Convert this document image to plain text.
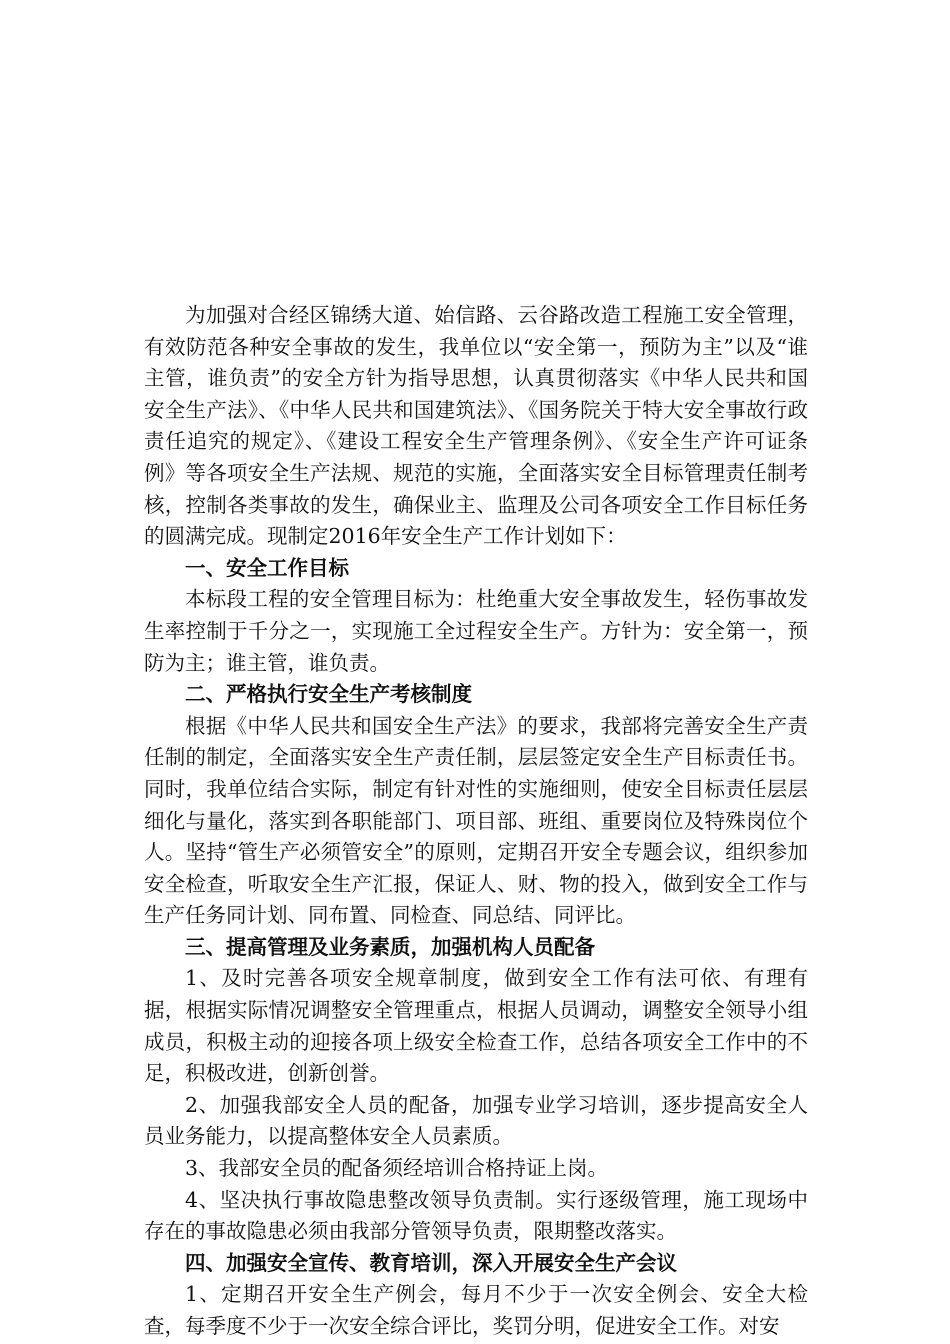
为加强对合经区锦绣大道、始信路、云谷路改造工程施工安全管理，有效防范各种安全事故的发生，我单位以“安全第一，预防为主”以及“谁主管，谁负责”的安全方针为指导思想，认真贯彻落实《中华人民共和国安全生产法》、《中华人民共和国建筑法》、《国务院关于特大安全事故行政责任追究的规定》、《建设工程安全生产管理条例》、《安全生产许可证条例》等各项安全生产法规、规范的实施，全面落实安全目标管理责任制考核，控制各类事故的发生，确保业主、监理及公司各项安全工作目标任务的圆满完成。现制定2016年安全生产工作计划如下：

一、安全工作目标

本标段工程的安全管理目标为：杜绝重大安全事故发生，轻伤事故发生率控制于千分之一，实现施工全过程安全生产。方针为：安全第一，预防为主；谁主管，谁负责。

二、严格执行安全生产考核制度

根据《中华人民共和国安全生产法》的要求，我部将完善安全生产责任制的制定，全面落实安全生产责任制，层层签定安全生产目标责任书。同时，我单位结合实际，制定有针对性的实施细则，使安全目标责任层层细化与量化，落实到各职能部门、项目部、班组、重要岗位及特殊岗位个人。坚持“管生产必须管安全”的原则，定期召开安全专题会议，组织参加安全检查，听取安全生产汇报，保证人、财、物的投入，做到安全工作与生产任务同计划、同布置、同检查、同总结、同评比。

三、提高管理及业务素质，加强机构人员配备

1、及时完善各项安全规章制度，做到安全工作有法可依、有理有据，根据实际情况调整安全管理重点，根据人员调动，调整安全领导小组成员，积极主动的迎接各项上级安全检查工作，总结各项安全工作中的不足，积极改进，创新创誉。

2、加强我部安全人员的配备，加强专业学习培训，逐步提高安全人员业务能力，以提高整体安全人员素质。

3、我部安全员的配备须经培训合格持证上岗。

4、坚决执行事故隐患整改领导负责制。实行逐级管理，施工现场中存在的事故隐患必须由我部分管领导负责，限期整改落实。

四、加强安全宣传、教育培训，深入开展安全生产会议

1、定期召开安全生产例会，每月不少于一次安全例会、安全大检查，每季度不少于一次安全综合评比，奖罚分明，促进安全工作。对安
